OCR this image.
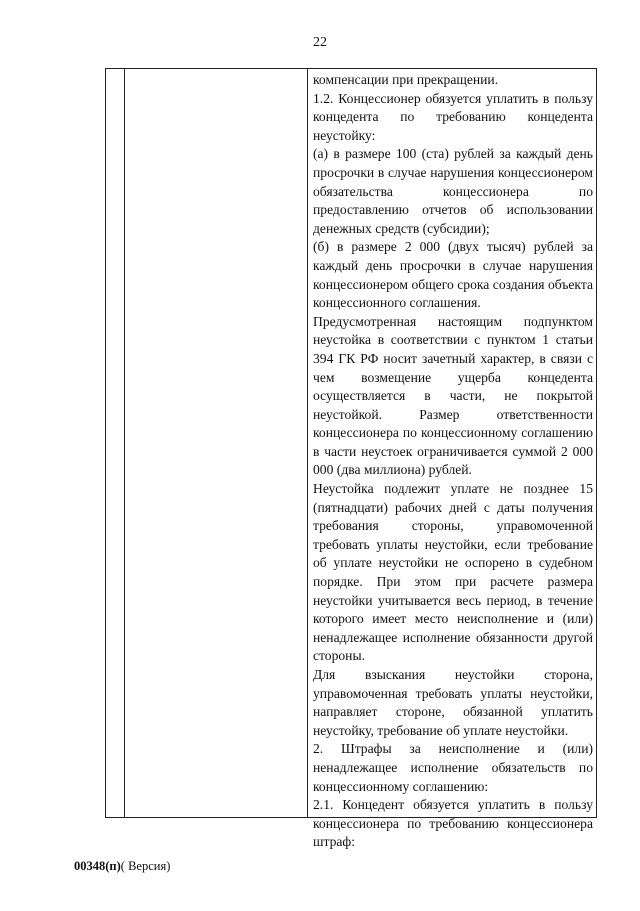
22

компенсации при прекращении.

1.2. Концессионер обязуется уплатить в пользу концедента по требованию концедента неустойку:

(а) в размере 100 (ста) рублей за каждый день просрочки в случае нарушения концессионером обязательства концессионера по предоставлению отчетов об использовании денежных средств (субсидии);

(б) в размере 2 000 (двух тысяч) рублей за каждый день просрочки в случае нарушения концессионером общего срока создания объекта концессионного соглашения.

Предусмотренная настоящим подпунктом неустойка в соответствии с пунктом 1 статьи 394 ГК РФ носит зачетный характер, в связи с чем возмещение ущерба концедента осуществляется в части, не покрытой неустойкой. Размер ответственности концессионера по концессионному соглашению в части неустоек ограничивается суммой 2 000 000 (два миллиона) рублей.

Неустойка подлежит уплате не позднее 15 (пятнадцати) рабочих дней с даты получения требования стороны, управомоченной требовать уплаты неустойки, если требование об уплате неустойки не оспорено в судебном порядке. При этом при расчете размера неустойки учитывается весь период, в течение которого имеет место неисполнение и (или) ненадлежащее исполнение обязанности другой стороны.

Для взыскания неустойки сторона, управомоченная требовать уплаты неустойки, направляет стороне, обязанной уплатить неустойку, требование об уплате неустойки.

2. Штрафы за неисполнение и (или) ненадлежащее исполнение обязательств по концессионному соглашению:

2.1. Концедент обязуется уплатить в пользу концессионера по требованию концессионера штраф:

00348(п)( Версия)
